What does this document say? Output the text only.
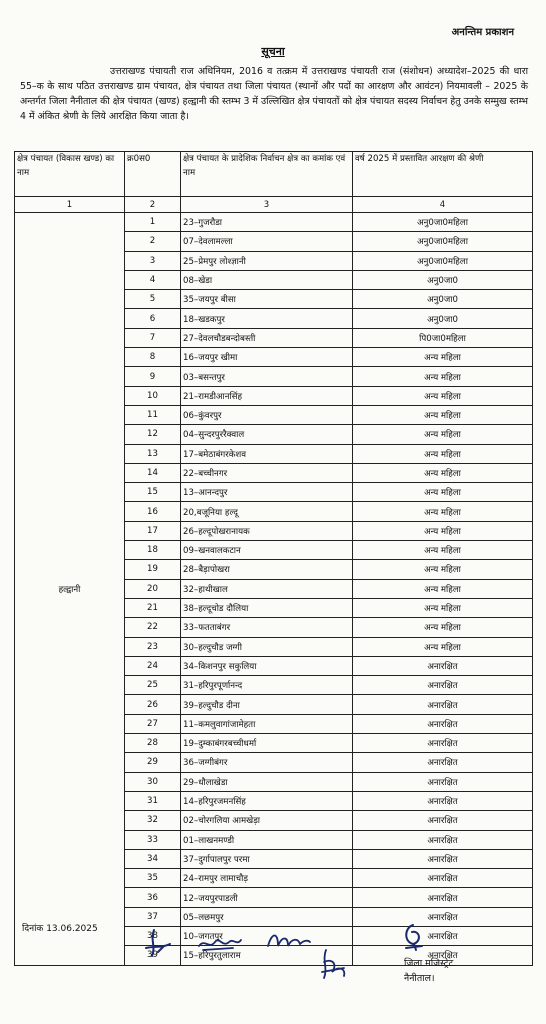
अनन्तिम प्रकाशन
सूचना

उत्तराखण्ड पंचायती राज अधिनियम, 2016 व तत्क्रम में उत्तराखण्ड पंचायती राज (संशोधन) अध्यादेश–2025 की धारा 55–क के साथ पठित उत्तराखण्ड ग्राम पंचायत, क्षेत्र पंचायत तथा जिला पंचायत (स्थानों और पदों का आरक्षण और आवंटन) नियमावली – 2025 के अन्तर्गत जिला नैनीताल की क्षेत्र पंचायत (खण्ड) हल्द्वानी की स्तम्भ 3 में उल्लिखित क्षेत्र पंचायतों को क्षेत्र पंचायत सदस्य निर्वाचन हेतु उनके सम्मुख स्तम्भ 4 में अंकित श्रेणी के लिये आरक्षित किया जाता है।

क्षेत्र पंचायत (विकास खण्ड) का नाम	क्र0स0	क्षेत्र पंचायत के प्रादेशिक निर्वाचन क्षेत्र का कमांक एवं नाम	वर्ष 2025 में प्रस्तावित आरक्षण की श्रेणी
1	2	3	4
हल्द्वानी	1	23–गुजरौडा	अनु0जा0महिला
	2	07–देवलामल्ला	अनु0जा0महिला
	3	25–प्रेमपुर लोश्ज्ञानी	अनु0जा0महिला
	4	08–खेडा	अनु0जा0
	5	35–जयपुर बीसा	अनु0जा0
	6	18–खडकपुर	अनु0जा0
	7	27–देवलचौडबन्दोबस्ती	पि0जा0महिला
	8	16–जयपुर खीमा	अन्य महिला
	9	03–बसन्तपुर	अन्य महिला
	10	21–रामडीआनसिंह	अन्य महिला
	11	06–कुंवरपुर	अन्य महिला
	12	04–सुन्दरपुररैक्वाल	अन्य महिला
	13	17–बमेठाबंगरकेशव	अन्य महिला
	14	22–बच्चीनगर	अन्य महिला
	15	13–आनन्दपुर	अन्य महिला
	16	20,बजूनिया हल्दू	अन्य महिला
	17	26–हल्दूपोखरानायक	अन्य महिला
	18	09–खनवालकटान	अन्य महिला
	19	28–बैड़ापोखरा	अन्य महिला
	20	32–हाथीखाल	अन्य महिला
	21	38–हल्दूचोड दौलिया	अन्य महिला
	22	33–फतताबंगर	अन्य महिला
	23	30–हल्दुचौड जग्गी	अन्य महिला
	24	34–किशनपुर सकुलिया	अनारक्षित
	25	31–हरिपुरपूर्णानन्द	अनारक्षित
	26	39–हल्दुचौड दीना	अनारक्षित
	27	11–कमलुवागांजामेहता	अनारक्षित
	28	19–दुम्काबंगरबच्चीधर्मा	अनारक्षित
	29	36–जग्गीबंगर	अनारक्षित
	30	29–धौलाखेडा	अनारक्षित
	31	14–हरिपुरजमनसिंह	अनारक्षित
	32	02–चोरगलिया आमखेड़ा	अनारक्षित
	33	01–लाखनमण्डी	अनारक्षित
	34	37–दुर्गापालपुर परमा	अनारक्षित
	35	24–रामपुर लामाचौड़	अनारक्षित
	36	12–जयपुरपाडली	अनारक्षित
	37	05–लछमपुर	अनारक्षित
	38	10–जगतपुर	अनारक्षित
	39	15–हरिपुरतुलाराम	अनारक्षित
दिनांक 13.06.2025
जिला मजिस्ट्रेट
नैनीताल।
